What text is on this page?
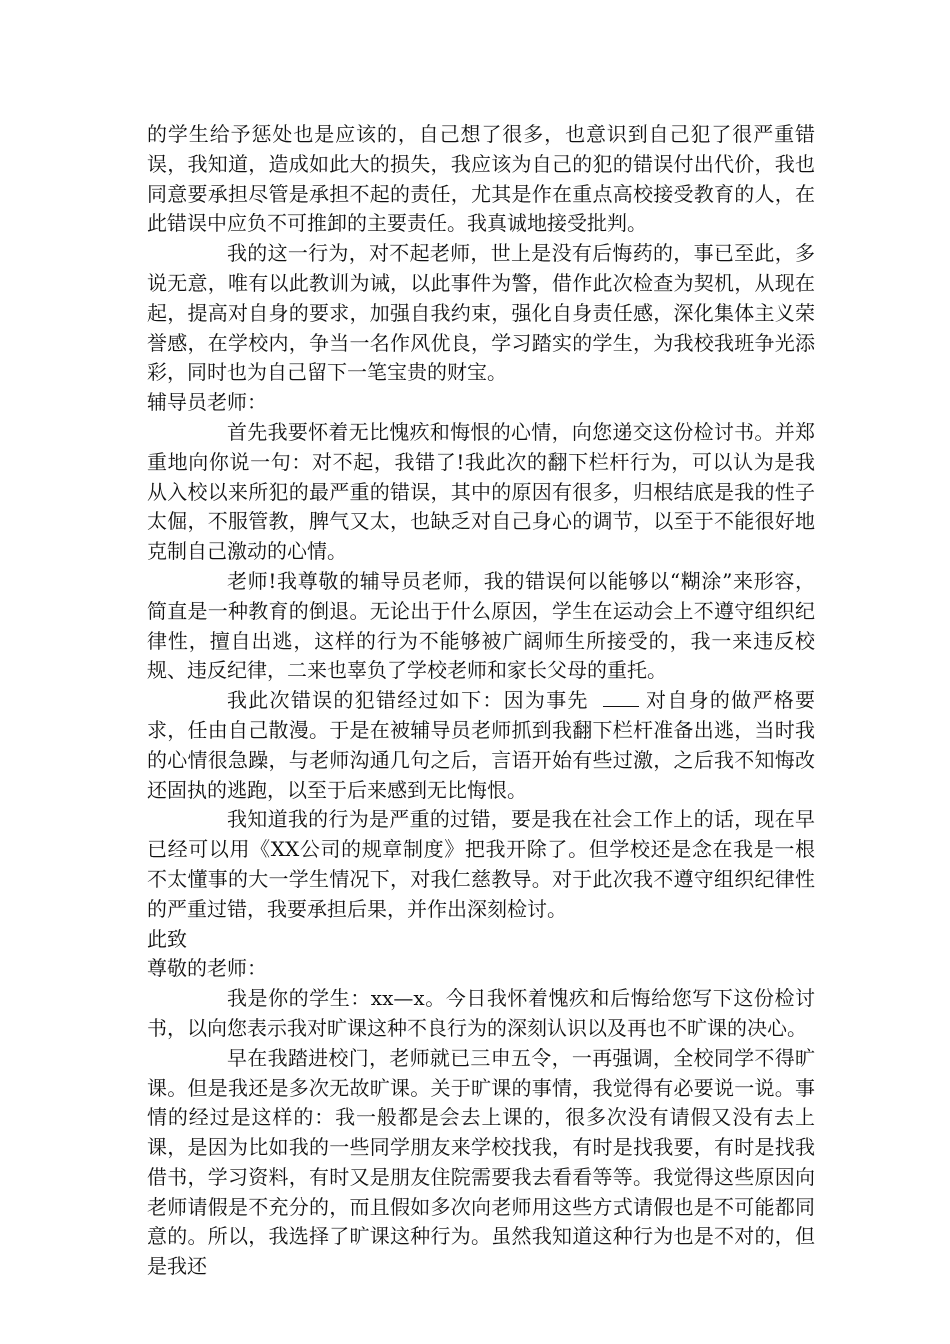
的学生给予惩处也是应该的，自己想了很多，也意识到自己犯了很严重错误，我知道，造成如此大的损失，我应该为自己的犯的错误付出代价，我也同意要承担尽管是承担不起的责任，尤其是作在重点高校接受教育的人，在此错误中应负不可推卸的主要责任。我真诚地接受批判。

我的这一行为，对不起老师，世上是没有后悔药的，事已至此，多说无意，唯有以此教训为诫，以此事件为警，借作此次检查为契机，从现在起，提高对自身的要求，加强自我约束，强化自身责任感，深化集体主义荣誉感，在学校内，争当一名作风优良，学习踏实的学生，为我校我班争光添彩，同时也为自己留下一笔宝贵的财宝。

辅导员老师：

首先我要怀着无比愧疚和悔恨的心情，向您递交这份检讨书。并郑重地向你说一句：对不起，我错了!我此次的翻下栏杆行为，可以认为是我从入校以来所犯的最严重的错误，其中的原因有很多，归根结底是我的性子太倔，不服管教，脾气又太，也缺乏对自己身心的调节，以至于不能很好地克制自己激动的心情。

老师!我尊敬的辅导员老师，我的错误何以能够以“糊涂”来形容，简直是一种教育的倒退。无论出于什么原因，学生在运动会上不遵守组织纪律性，擅自出逃，这样的行为不能够被广阔师生所接受的，我一来违反校规、违反纪律，二来也辜负了学校老师和家长父母的重托。

我此次错误的犯错经过如下：因为事先	对自身的做严格要求，任由自己散漫。于是在被辅导员老师抓到我翻下栏杆准备出逃，当时我的心情很急躁，与老师沟通几句之后，言语开始有些过激，之后我不知悔改还固执的逃跑，以至于后来感到无比悔恨。

我知道我的行为是严重的过错，要是我在社会工作上的话，现在早已经可以用《XX公司的规章制度》把我开除了。但学校还是念在我是一根不太懂事的大一学生情况下，对我仁慈教导。对于此次我不遵守组织纪律性的严重过错，我要承担后果，并作出深刻检讨。

此致

尊敬的老师：

我是你的学生：xx—x。今日我怀着愧疚和后悔给您写下这份检讨书，以向您表示我对旷课这种不良行为的深刻认识以及再也不旷课的决心。

早在我踏进校门，老师就已三申五令，一再强调，全校同学不得旷课。但是我还是多次无故旷课。关于旷课的事情，我觉得有必要说一说。事情的经过是这样的：我一般都是会去上课的，很多次没有请假又没有去上课，是因为比如我的一些同学朋友来学校找我，有时是找我要，有时是找我借书，学习资料，有时又是朋友住院需要我去看看等等。我觉得这些原因向老师请假是不充分的，而且假如多次向老师用这些方式请假也是不可能都同意的。所以，我选择了旷课这种行为。虽然我知道这种行为也是不对的，但是我还
